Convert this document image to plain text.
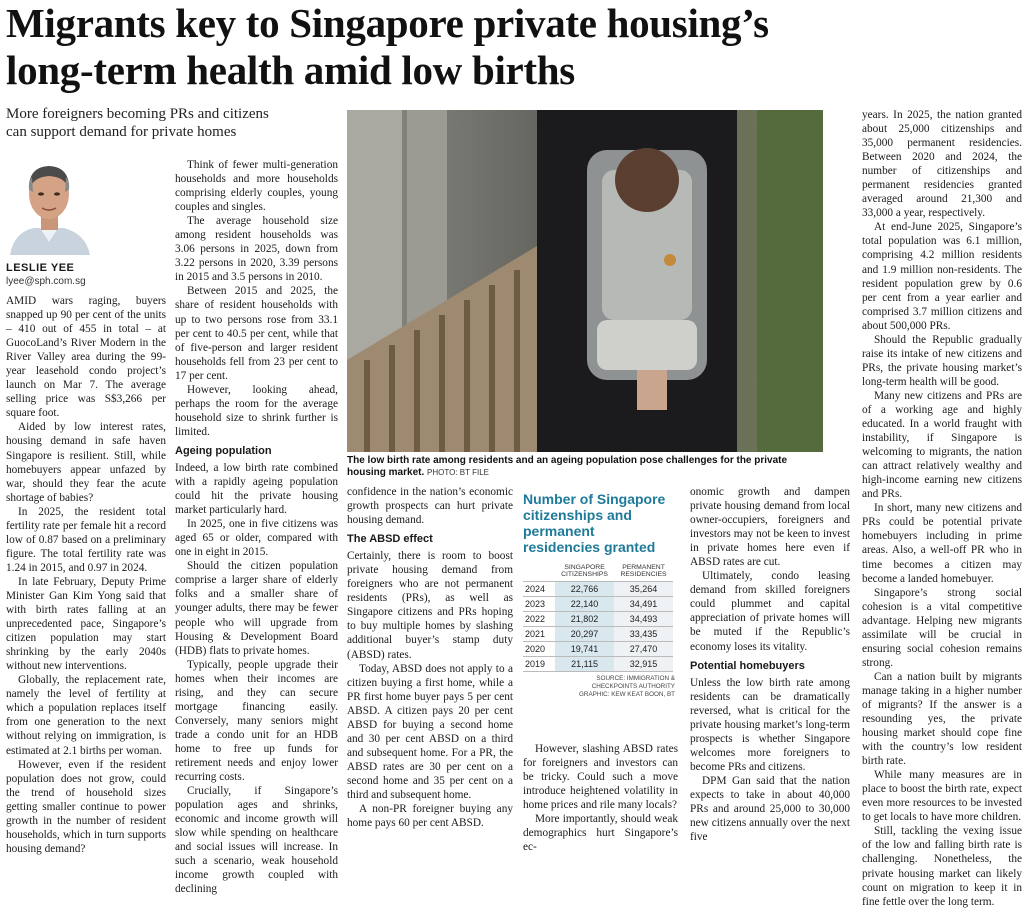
Migrants key to Singapore private housing’s
long-term health amid low births
More foreigners becoming PRs and citizens
can support demand for private homes
LESLIE YEE
lyee@sph.com.sg

AMID wars raging, buyers snapped up 90 per cent of the units – 410 out of 455 in total – at GuocoLand’s River Modern in the River Valley area during the 99-year leasehold condo project’s launch on Mar 7. The average selling price was S$3,266 per square foot.

Aided by low interest rates, housing demand in safe haven Singapore is resilient. Still, while homebuyers appear unfazed by war, should they fear the acute shortage of babies?

In 2025, the resident total fertility rate per female hit a record low of 0.87 based on a preliminary figure. The total fertility rate was 1.24 in 2015, and 0.97 in 2024.

In late February, Deputy Prime Minister Gan Kim Yong said that with birth rates falling at an unprecedented pace, Singapore’s citizen population may start shrinking by the early 2040s without new interventions.

Globally, the replacement rate, namely the level of fertility at which a population replaces itself from one generation to the next without relying on immigration, is estimated at 2.1 births per woman.

However, even if the resident population does not grow, could the trend of household sizes getting smaller continue to power growth in the number of resident households, which in turn supports housing demand?

Think of fewer multi-generation households and more households comprising elderly couples, young couples and singles.

The average household size among resident households was 3.06 persons in 2025, down from 3.22 persons in 2020, 3.39 persons in 2015 and 3.5 persons in 2010.

Between 2015 and 2025, the share of resident households with up to two persons rose from 33.1 per cent to 40.5 per cent, while that of five-person and larger resident households fell from 23 per cent to 17 per cent.

However, looking ahead, perhaps the room for the average household size to shrink further is limited.

Ageing population

Indeed, a low birth rate combined with a rapidly ageing population could hit the private housing market particularly hard.

In 2025, one in five citizens was aged 65 or older, compared with one in eight in 2015.

Should the citizen population comprise a larger share of elderly folks and a smaller share of younger adults, there may be fewer people who will upgrade from Housing & Development Board (HDB) flats to private homes.

Typically, people upgrade their homes when their incomes are rising, and they can secure mortgage financing easily. Conversely, many seniors might trade a condo unit for an HDB home to free up funds for retirement needs and enjoy lower recurring costs.

Crucially, if Singapore’s population ages and shrinks, economic and income growth will slow while spending on healthcare and social issues will increase. In such a scenario, weak household income growth coupled with declining

The low birth rate among residents and an ageing population pose challenges for the private housing market. PHOTO: BT FILE

confidence in the nation’s economic growth prospects can hurt private housing demand.

The ABSD effect

Certainly, there is room to boost private housing demand from foreigners who are not permanent residents (PRs), as well as Singapore citizens and PRs hoping to buy multiple homes by slashing additional buyer’s stamp duty (ABSD) rates.

Today, ABSD does not apply to a citizen buying a first home, while a PR first home buyer pays 5 per cent ABSD. A citizen pays 20 per cent ABSD for buying a second home and 30 per cent ABSD on a third and subsequent home. For a PR, the ABSD rates are 30 per cent on a second home and 35 per cent on a third and subsequent home.

A non-PR foreigner buying any home pays 60 per cent ABSD.

Number of Singapore citizenships and permanent residencies granted
	SINGAPORE CITIZENSHIPS	PERMANENT RESIDENCIES
2024	22,766	35,264
2023	22,140	34,491
2022	21,802	34,493
2021	20,297	33,435
2020	19,741	27,470
2019	21,115	32,915
SOURCE: IMMIGRATION &
CHECKPOINTS AUTHORITY
GRAPHIC: KEW KEAT BOON, BT

However, slashing ABSD rates for foreigners and investors can be tricky. Could such a move introduce heightened volatility in home prices and rile many locals?

More importantly, should weak demographics hurt Singapore’s ec-

onomic growth and dampen private housing demand from local owner-occupiers, foreigners and investors may not be keen to invest in private homes here even if ABSD rates are cut.

Ultimately, condo leasing demand from skilled foreigners could plummet and capital appreciation of private homes will be muted if the Republic’s economy loses its vitality.

Potential homebuyers

Unless the low birth rate among residents can be dramatically reversed, what is critical for the private housing market’s long-term prospects is whether Singapore welcomes more foreigners to become PRs and citizens.

DPM Gan said that the nation expects to take in about 40,000 PRs and around 25,000 to 30,000 new citizens annually over the next five

years. In 2025, the nation granted about 25,000 citizenships and 35,000 permanent residencies. Between 2020 and 2024, the number of citizenships and permanent residencies granted averaged around 21,300 and 33,000 a year, respectively.

At end-June 2025, Singapore’s total population was 6.1 million, comprising 4.2 million residents and 1.9 million non-residents. The resident population grew by 0.6 per cent from a year earlier and comprised 3.7 million citizens and about 500,000 PRs.

Should the Republic gradually raise its intake of new citizens and PRs, the private housing market’s long-term health will be good.

Many new citizens and PRs are of a working age and highly educated. In a world fraught with instability, if Singapore is welcoming to migrants, the nation can attract relatively wealthy and high-income earning new citizens and PRs.

In short, many new citizens and PRs could be potential private homebuyers including in prime areas. Also, a well-off PR who in time becomes a citizen may become a landed homebuyer.

Singapore’s strong social cohesion is a vital competitive advantage. Helping new migrants assimilate will be crucial in ensuring social cohesion remains strong.

Can a nation built by migrants manage taking in a higher number of migrants? If the answer is a resounding yes, the private housing market should cope fine with the country’s low resident birth rate.

While many measures are in place to boost the birth rate, expect even more resources to be invested to get locals to have more children.

Still, tackling the vexing issue of the low and falling birth rate is challenging. Nonetheless, the private housing market can likely count on migration to keep it in fine fettle over the long term.
